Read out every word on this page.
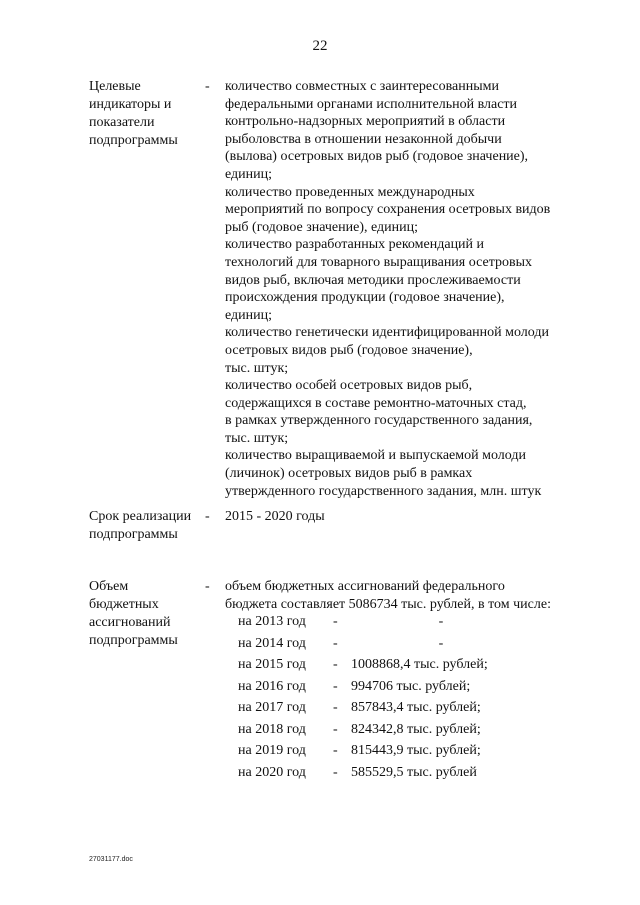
22
Целевые индикаторы и показатели подпрограммы
- количество совместных с заинтересованными
федеральными органами исполнительной власти
контрольно-надзорных мероприятий в области
рыболовства в отношении незаконной добычи
(вылова) осетровых видов рыб (годовое значение),
единиц;
количество проведенных международных
мероприятий по вопросу сохранения осетровых видов
рыб (годовое значение), единиц;
количество разработанных рекомендаций и
технологий для товарного выращивания осетровых
видов рыб, включая методики прослеживаемости
происхождения продукции (годовое значение),
единиц;
количество генетически идентифицированной молоди
осетровых видов рыб (годовое значение),
тыс. штук;
количество особей осетровых видов рыб,
содержащихся в составе ремонтно-маточных стад,
в рамках утвержденного государственного задания,
тыс. штук;
количество выращиваемой и выпускаемой молоди
(личинок) осетровых видов рыб в рамках
утвержденного государственного задания, млн. штук
Срок реализации подпрограммы
- 2015 - 2020 годы
Объем бюджетных ассигнований подпрограммы
- объем бюджетных ассигнований федерального
бюджета составляет 5086734 тыс. рублей, в том числе:
на 2013 год	-	-
на 2014 год	-	-
на 2015 год	-	1008868,4 тыс. рублей;
на 2016 год	-	994706 тыс. рублей;
на 2017 год	-	857843,4 тыс. рублей;
на 2018 год	-	824342,8 тыс. рублей;
на 2019 год	-	815443,9 тыс. рублей;
на 2020 год	-	585529,5 тыс. рублей
27031177.doc
